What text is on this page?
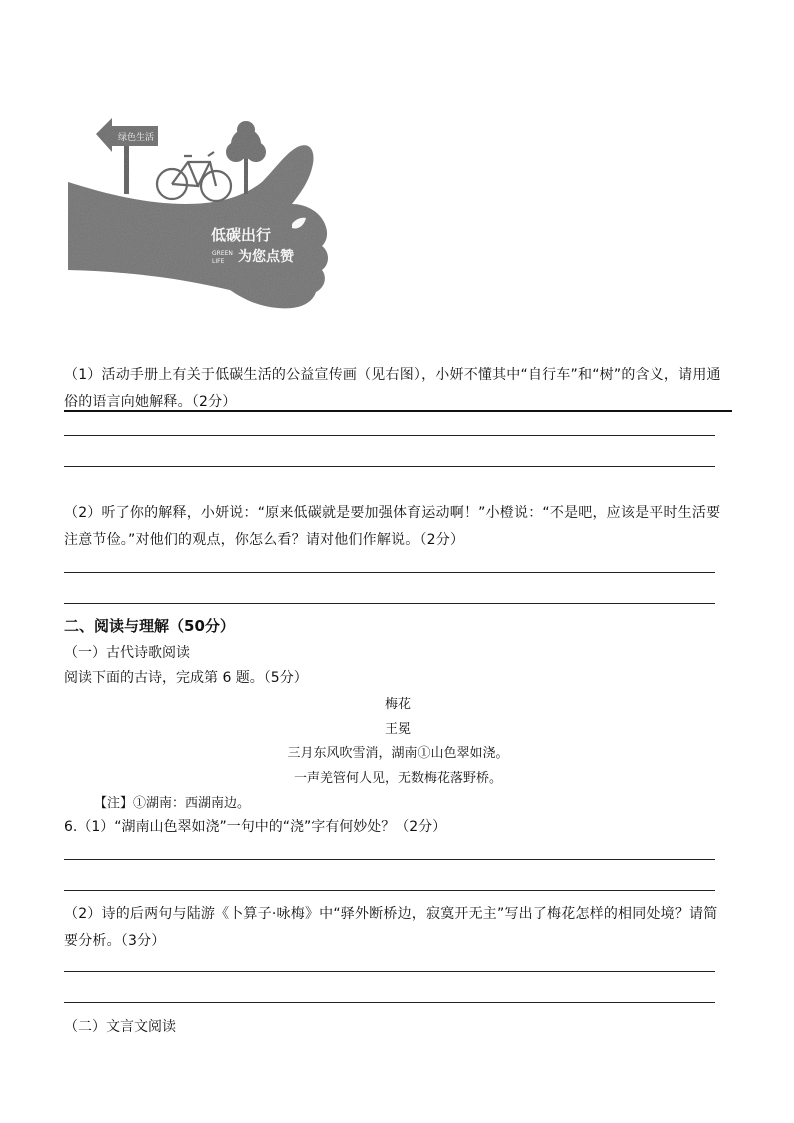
绿色生活
低碳出行
GREEN
LIFE 为您点赞
（1）活动手册上有关于低碳生活的公益宣传画（见右图），小妍不懂其中“自行车”和“树”的含义，请用通
俗的语言向她解释。（2分）
（2）听了你的解释，小妍说：“原来低碳就是要加强体育运动啊！”小橙说：“不是吧，应该是平时生活要
注意节俭。”对他们的观点，你怎么看？请对他们作解说。（2分）
二、阅读与理解（50分）
（一）古代诗歌阅读
阅读下面的古诗，完成第 6 题。（5分）
梅花
王冕
三月东风吹雪消，湖南①山色翠如浇。
一声羌管何人见，无数梅花落野桥。
【注】①湖南：西湖南边。
6.（1）“湖南山色翠如浇”一句中的“浇”字有何妙处？（2分）
（2）诗的后两句与陆游《卜算子·咏梅》中“驿外断桥边，寂寞开无主”写出了梅花怎样的相同处境？请简
要分析。（3分）
（二）文言文阅读
